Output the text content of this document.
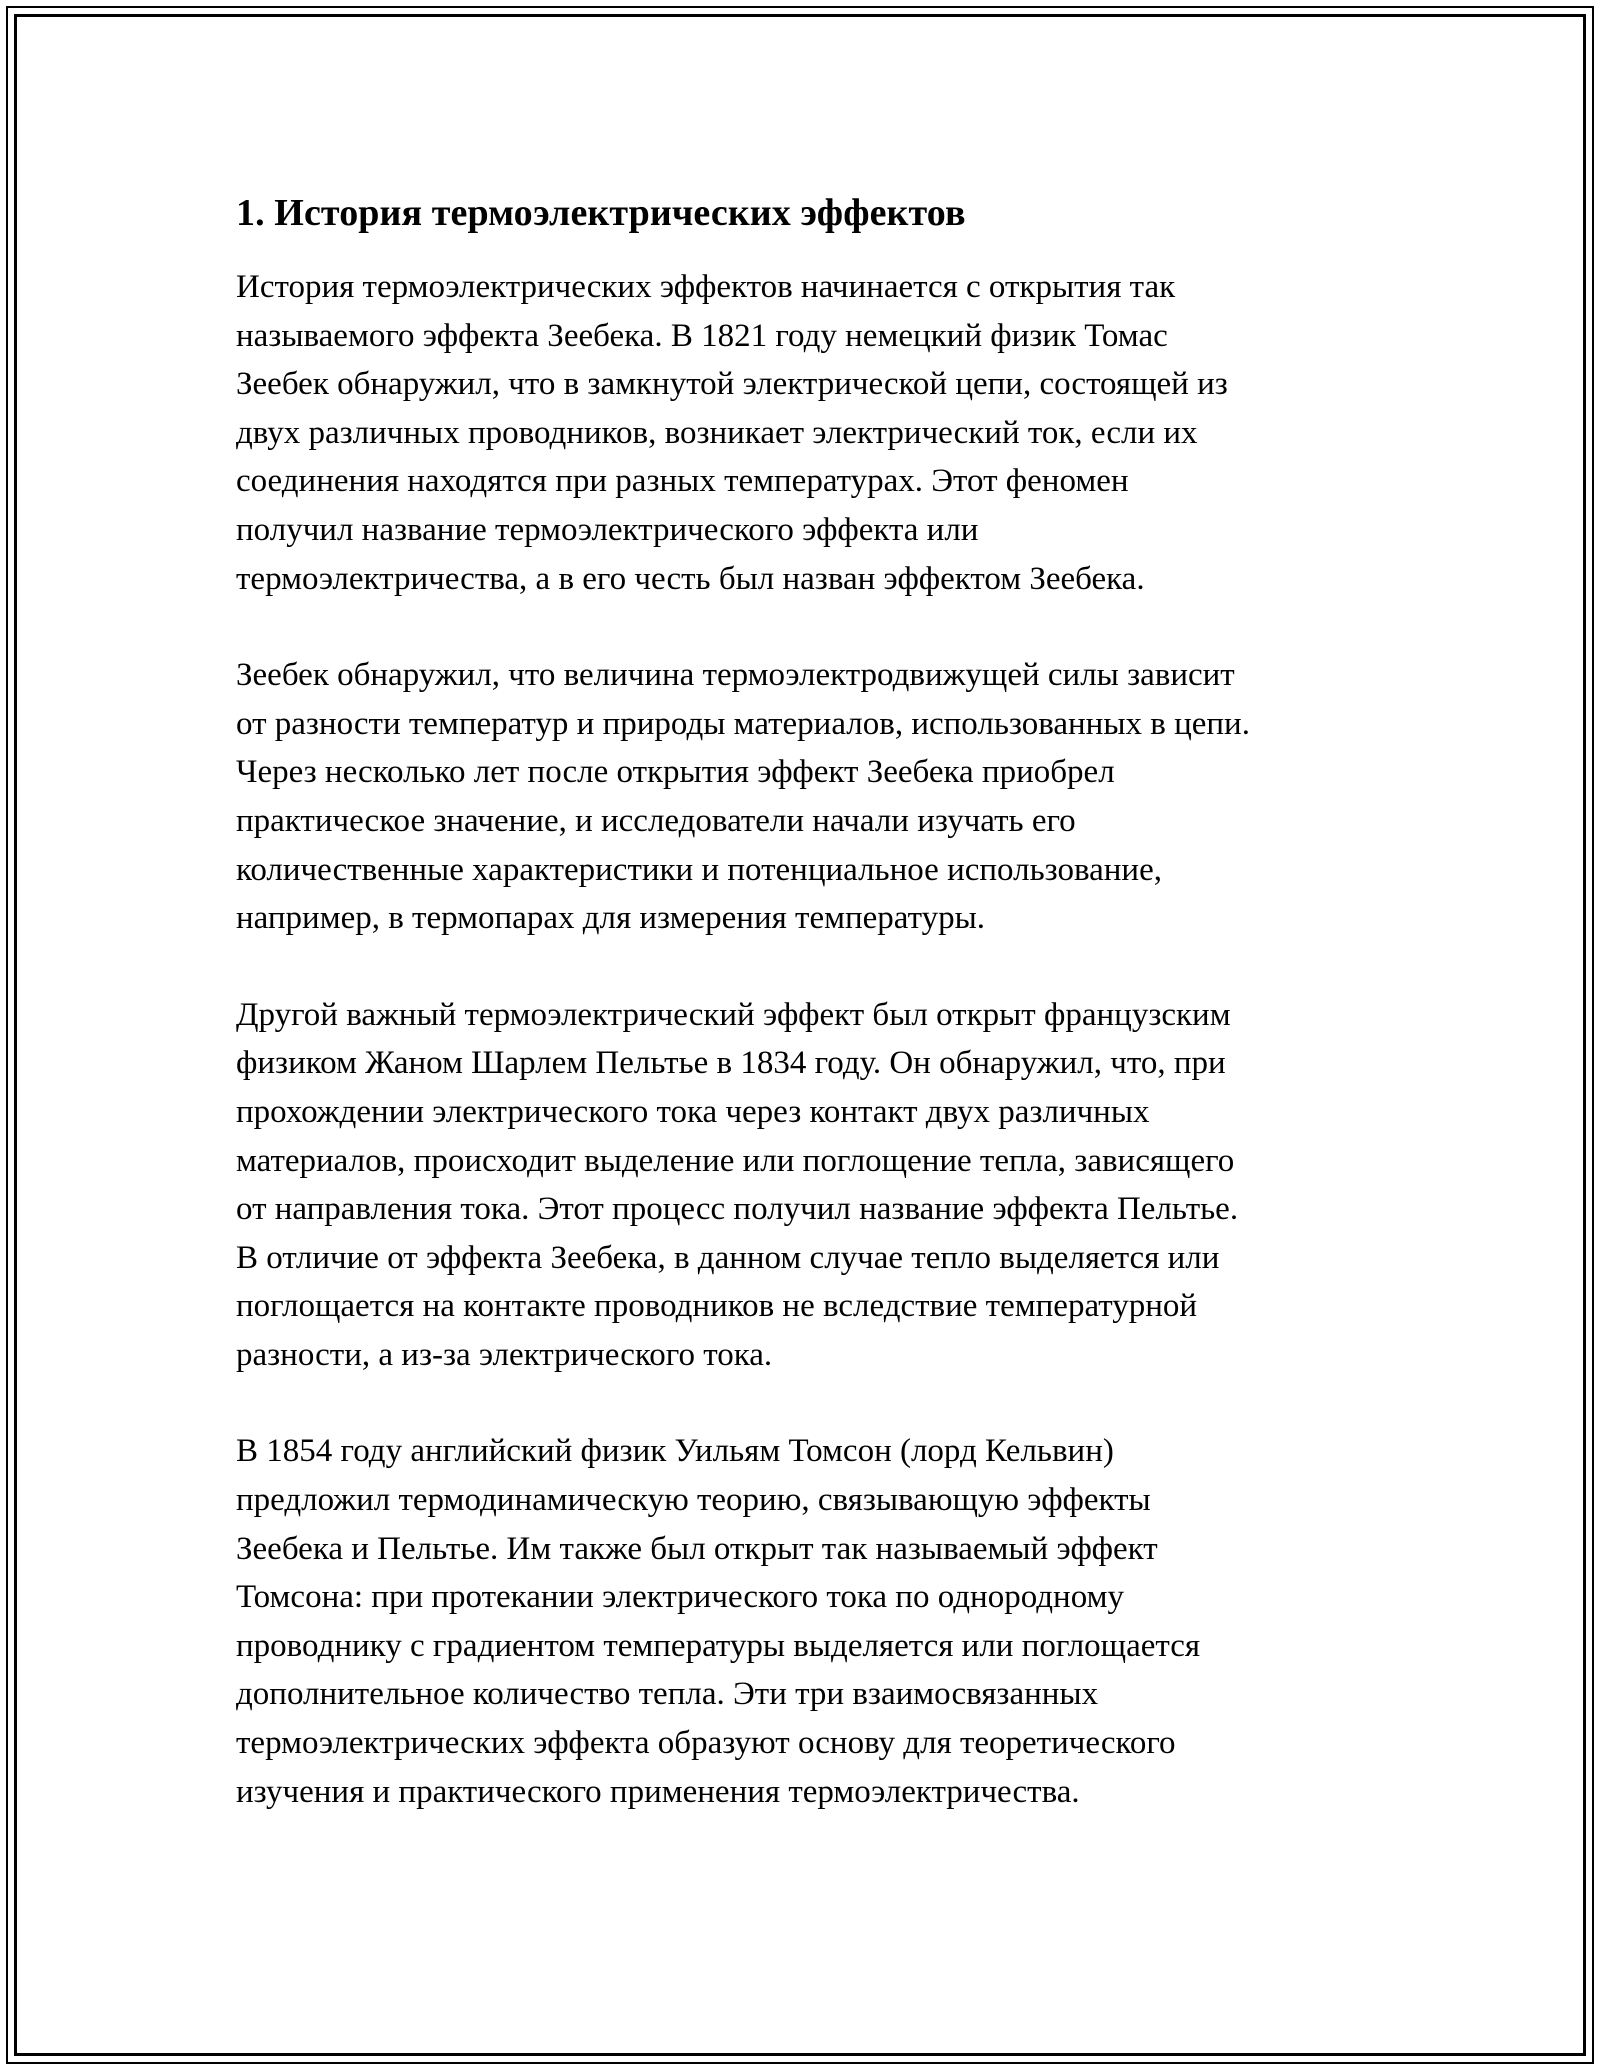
1. История термоэлектрических эффектов

История термоэлектрических эффектов начинается с открытия так
называемого эффекта Зеебека. В 1821 году немецкий физик Томас
Зеебек обнаружил, что в замкнутой электрической цепи, состоящей из
двух различных проводников, возникает электрический ток, если их
соединения находятся при разных температурах. Этот феномен
получил название термоэлектрического эффекта или
термоэлектричества, а в его честь был назван эффектом Зеебека.

Зеебек обнаружил, что величина термоэлектродвижущей силы зависит
от разности температур и природы материалов, использованных в цепи.
Через несколько лет после открытия эффект Зеебека приобрел
практическое значение, и исследователи начали изучать его
количественные характеристики и потенциальное использование,
например, в термопарах для измерения температуры.

Другой важный термоэлектрический эффект был открыт французским
физиком Жаном Шарлем Пельтье в 1834 году. Он обнаружил, что, при
прохождении электрического тока через контакт двух различных
материалов, происходит выделение или поглощение тепла, зависящего
от направления тока. Этот процесс получил название эффекта Пельтье.
В отличие от эффекта Зеебека, в данном случае тепло выделяется или
поглощается на контакте проводников не вследствие температурной
разности, а из-за электрического тока.

В 1854 году английский физик Уильям Томсон (лорд Кельвин)
предложил термодинамическую теорию, связывающую эффекты
Зеебека и Пельтье. Им также был открыт так называемый эффект
Томсона: при протекании электрического тока по однородному
проводнику с градиентом температуры выделяется или поглощается
дополнительное количество тепла. Эти три взаимосвязанных
термоэлектрических эффекта образуют основу для теоретического
изучения и практического применения термоэлектричества.
